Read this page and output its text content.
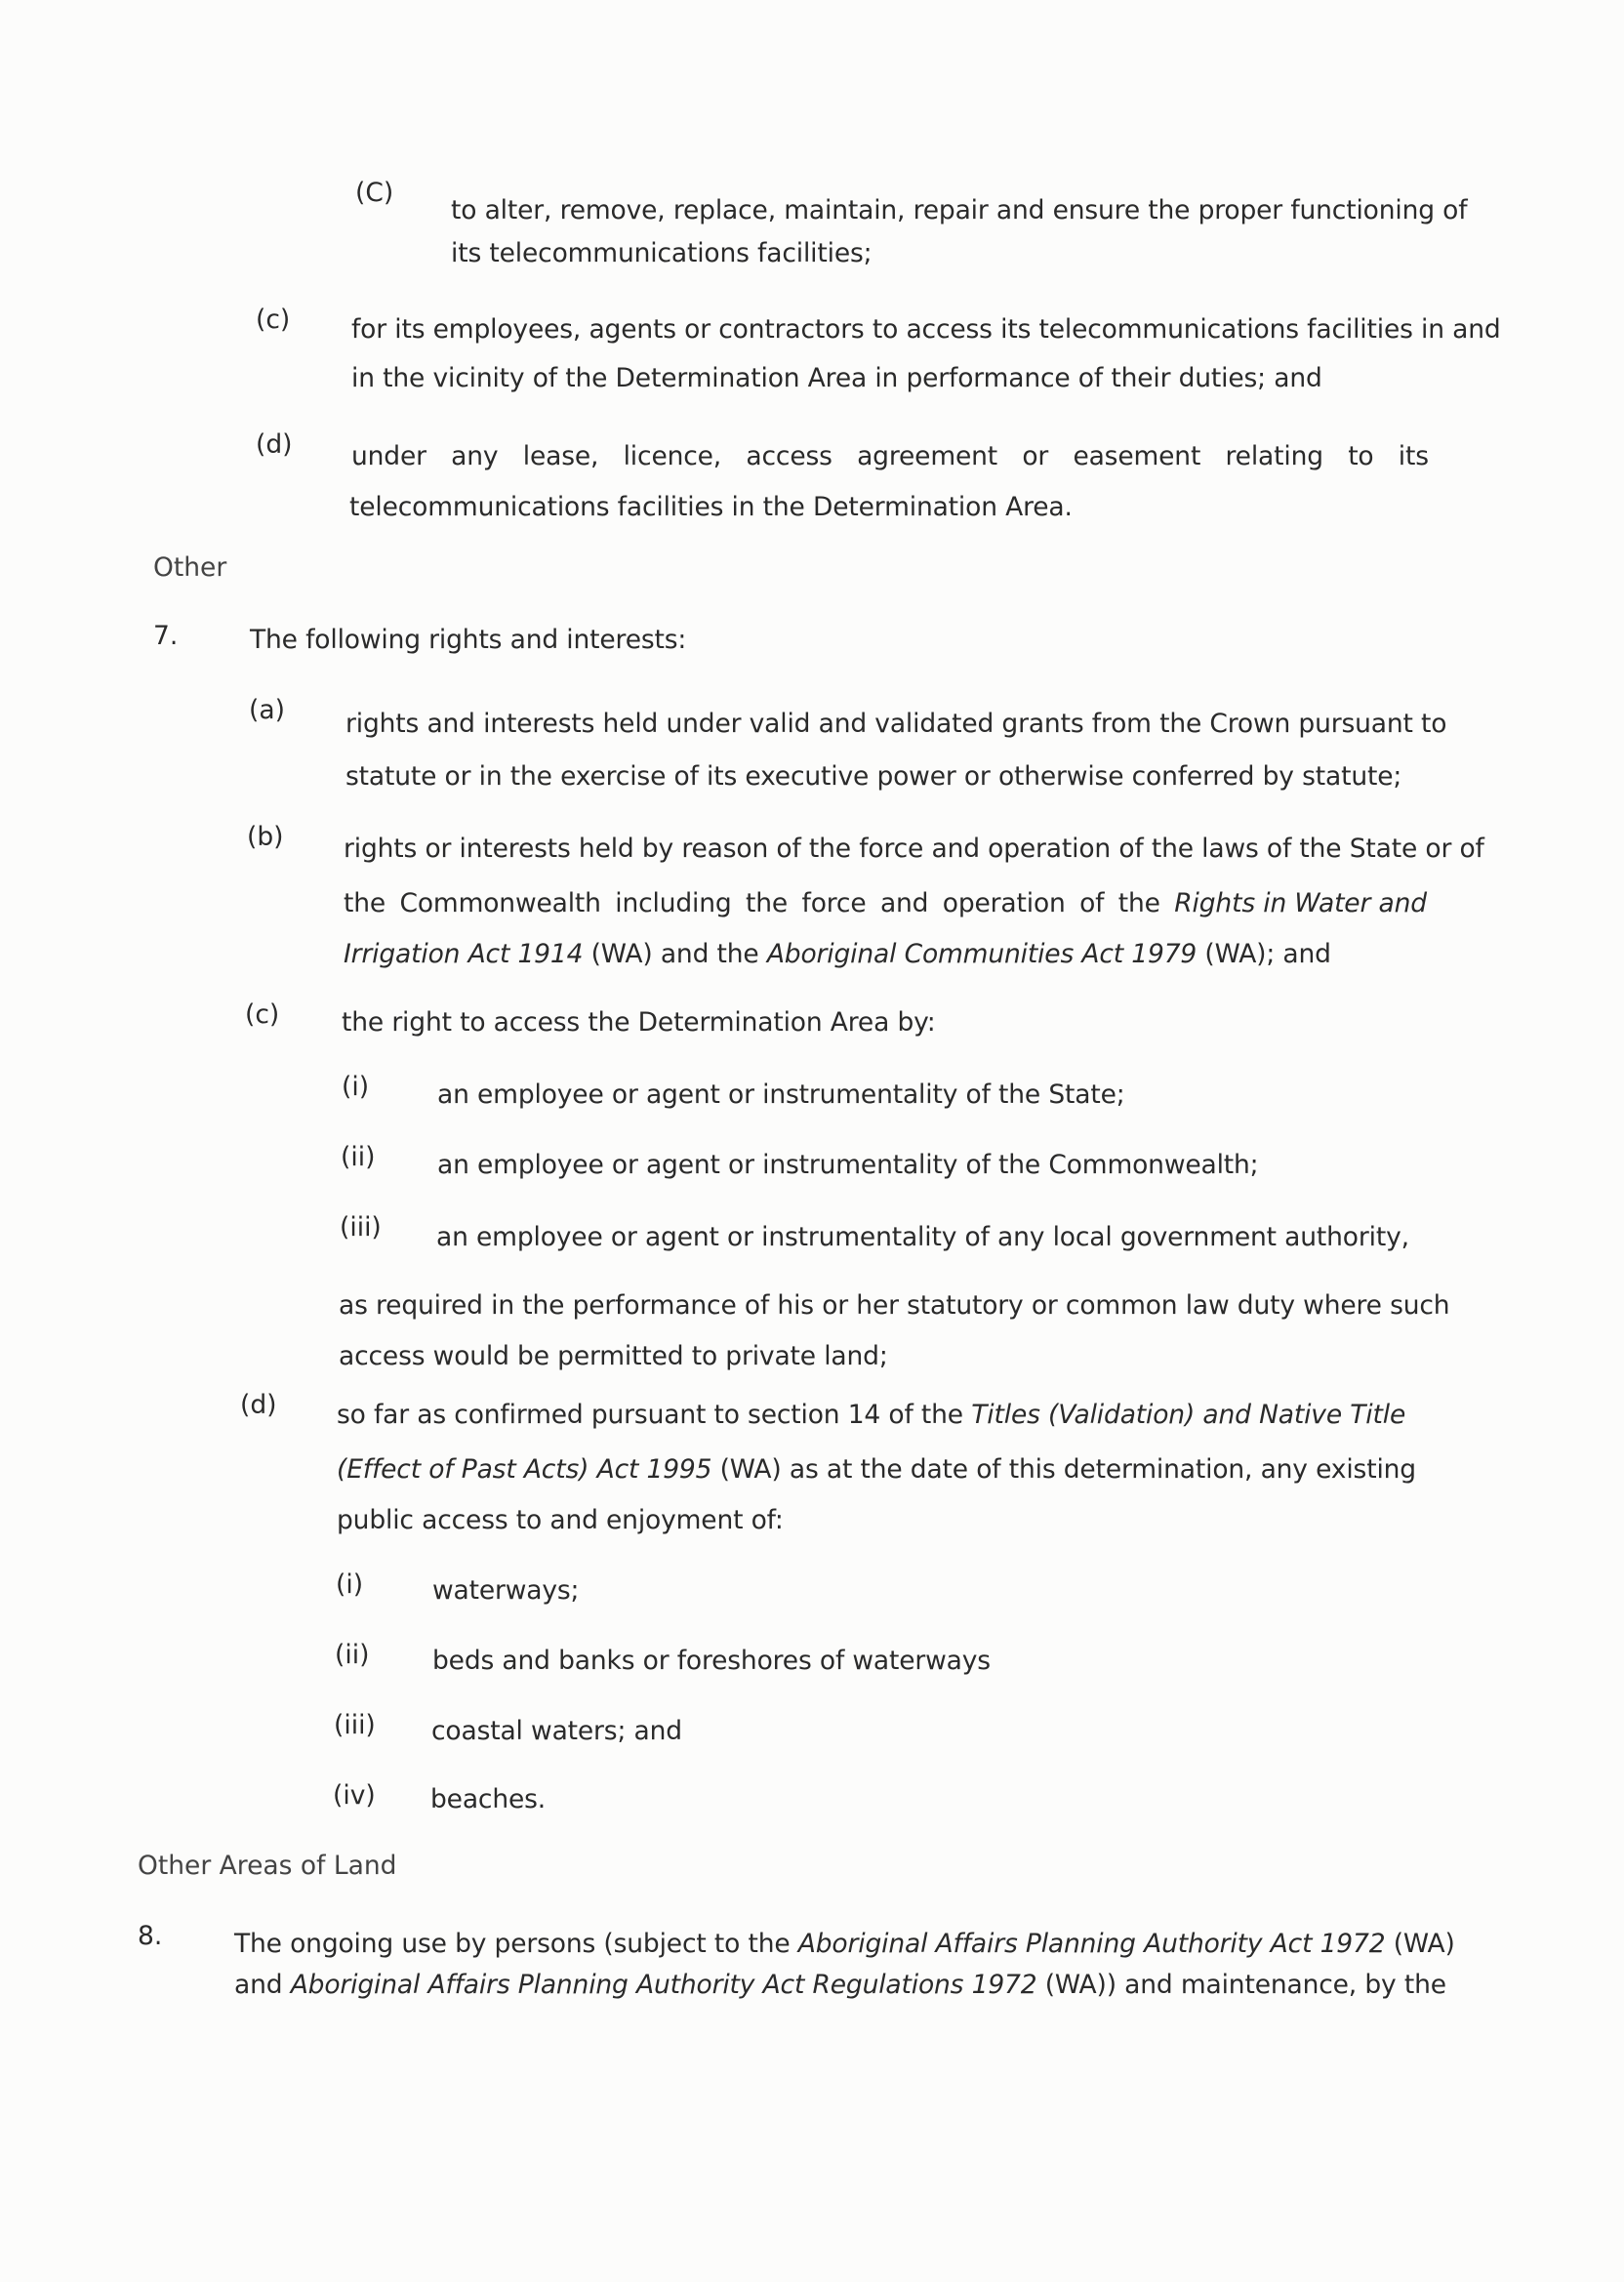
(C)

to alter, remove, replace, maintain, repair and ensure the proper functioning of

its telecommunications facilities;

(c) for its employees, agents or contractors to access its telecommunications facilities in and

in the vicinity of the Determination Area in performance of their duties; and

(d) under any lease, licence, access agreement or easement relating to its

telecommunications facilities in the Determination Area.

Other

7.	The following rights and interests:

(a) rights and interests held under valid and validated grants from the Crown pursuant to

statute or in the exercise of its executive power or otherwise conferred by statute;

(b) rights or interests held by reason of the force and operation of the laws of the State or of

the Commonwealth including the force and operation of the Rights in Water and

Irrigation Act 1914 (WA) and the Aboriginal Communities Act 1979 (WA); and

(c) the right to access the Determination Area by:

(i)	an employee or agent or instrumentality of the State;

(ii) an employee or agent or instrumentality of the Commonwealth;

(iii) an employee or agent or instrumentality of any local government authority,

as required in the performance of his or her statutory or common law duty where such

access would be permitted to private land;

(d) so far as confirmed pursuant to section 14 of the Titles (Validation) and Native Title

(Effect of Past Acts) Act 1995 (WA) as at the date of this determination, any existing

public access to and enjoyment of:

(i)	waterways;

(ii) beds and banks or foreshores of waterways

(iii) coastal waters; and

(iv) beaches.

Other Areas of Land

8.	The ongoing use by persons (subject to the Aboriginal Affairs Planning Authority Act 1972 (WA)

and Aboriginal Affairs Planning Authority Act Regulations 1972 (WA)) and maintenance, by the
